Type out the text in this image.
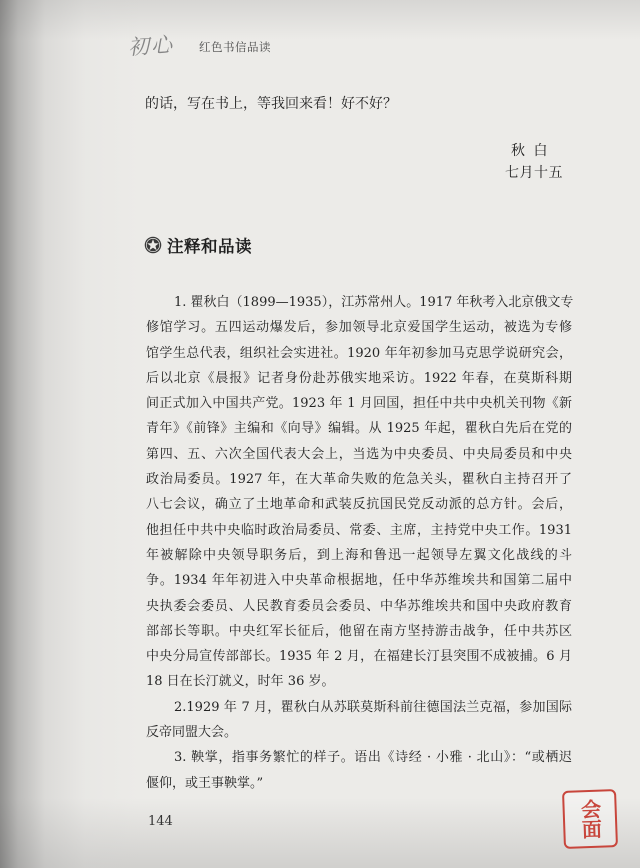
初心 红色书信品读
的话，写在书上，等我回来看！好不好？
秋 白
七月十五
注释和品读
1. 瞿秋白（1899—1935），江苏常州人。1917 年秋考入北京俄文专
修馆学习。五四运动爆发后，参加领导北京爱国学生运动，被选为专修
馆学生总代表，组织社会实进社。1920 年年初参加马克思学说研究会，
后以北京《晨报》记者身份赴苏俄实地采访。1922 年春，在莫斯科期
间正式加入中国共产党。1923 年 1 月回国，担任中共中央机关刊物《新
青年》《前锋》主编和《向导》编辑。从 1925 年起，瞿秋白先后在党的
第四、五、六次全国代表大会上，当选为中央委员、中央局委员和中央
政治局委员。1927 年，在大革命失败的危急关头，瞿秋白主持召开了
八七会议，确立了土地革命和武装反抗国民党反动派的总方针。会后，
他担任中共中央临时政治局委员、常委、主席，主持党中央工作。1931
年被解除中央领导职务后，到上海和鲁迅一起领导左翼文化战线的斗
争。1934 年年初进入中央革命根据地，任中华苏维埃共和国第二届中
央执委会委员、人民教育委员会委员、中华苏维埃共和国中央政府教育
部部长等职。中央红军长征后，他留在南方坚持游击战争，任中共苏区
中央分局宣传部部长。1935 年 2 月，在福建长汀县突围不成被捕。6 月
18 日在长汀就义，时年 36 岁。
2.1929 年 7 月，瞿秋白从苏联莫斯科前往德国法兰克福，参加国际
反帝同盟大会。
3. 鞅掌，指事务繁忙的样子。语出《诗经 · 小雅 · 北山》：“或栖迟
偃仰，或王事鞅掌。”
144	会面
